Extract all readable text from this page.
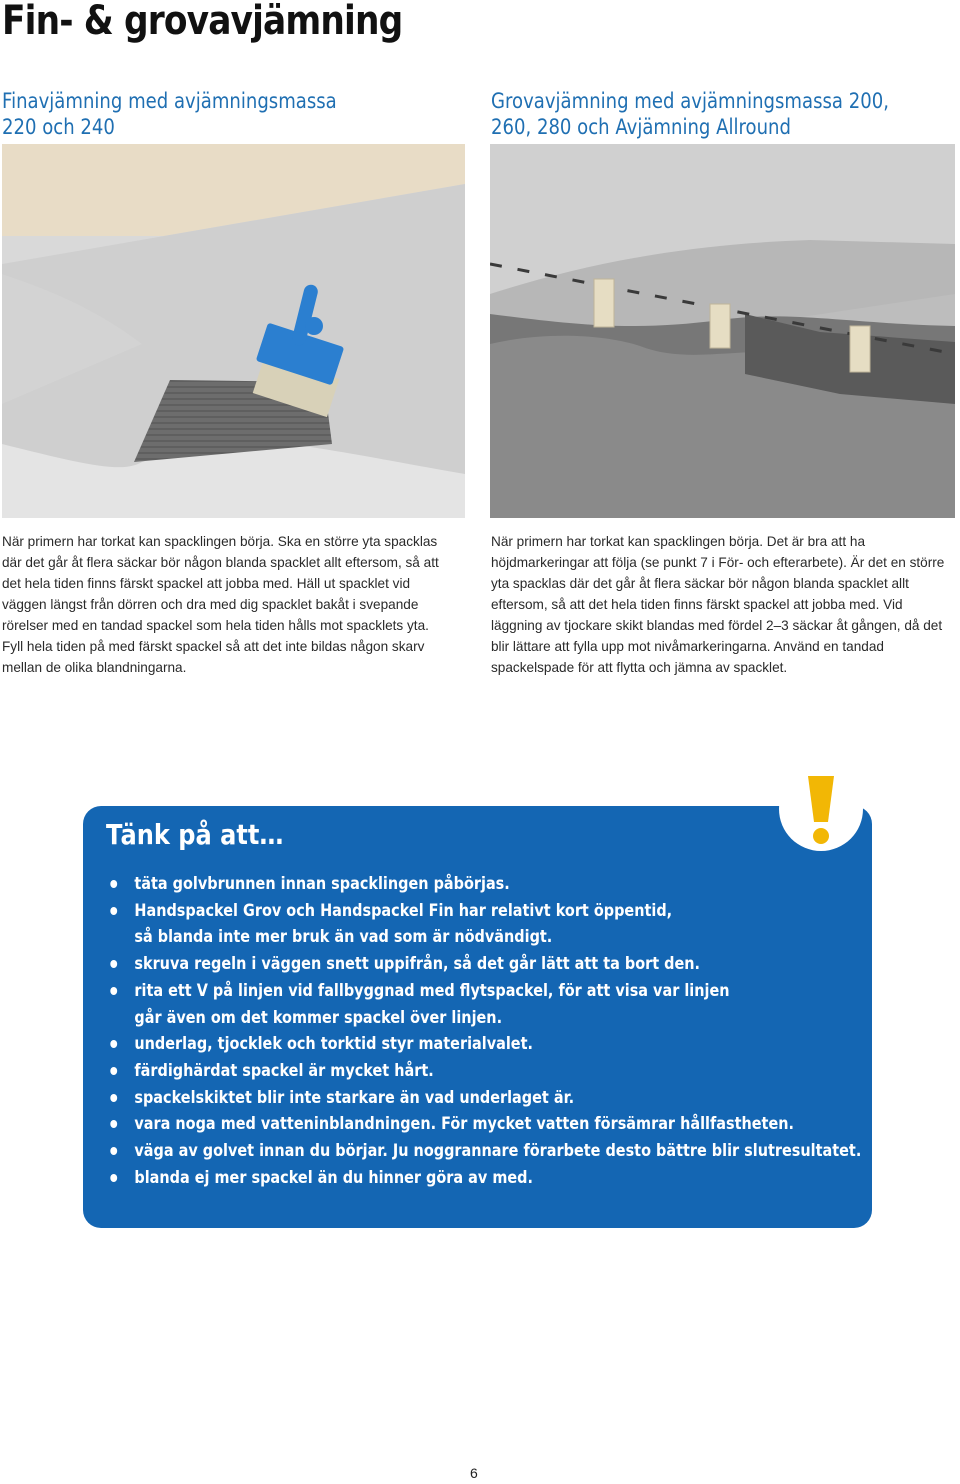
Fin- & grovavjämning
Finavjämning med avjämningsmassa
220 och 240
Grovavjämning med avjämningsmassa 200,
260, 280 och Avjämning Allround

När primern har torkat kan spacklingen börja. Ska en större yta spacklas där det går åt flera säckar bör någon blanda spacklet allt eftersom, så att det hela tiden finns färskt spackel att jobba med. Häll ut spacklet vid väggen längst från dörren och dra med dig spacklet bakåt i svepande rörelser med en tandad spackel som hela tiden hålls mot spacklets yta. Fyll hela tiden på med färskt spackel så att det inte bildas någon skarv mellan de olika blandningarna.

När primern har torkat kan spacklingen börja. Det är bra att ha höjdmarkeringar att följa (se punkt 7 i För- och efterarbete). Är det en större yta spacklas där det går åt flera säckar bör någon blanda spacklet allt eftersom, så att det hela tiden finns färskt spackel att jobba med. Vid läggning av tjockare skikt blandas med fördel 2–3 säckar åt gången, då det blir lättare att fylla upp mot nivåmarkeringarna. Använd en tandad spackelspade för att flytta och jämna av spacklet.

Tänk på att…
täta golvbrunnen innan spacklingen påbörjas.
Handspackel Grov och Handspackel Fin har relativt kort öppentid, så blanda inte mer bruk än vad som är nödvändigt.
skruva regeln i väggen snett uppifrån, så det går lätt att ta bort den.
rita ett V på linjen vid fallbyggnad med flytspackel, för att visa var linjen går även om det kommer spackel över linjen.
underlag, tjocklek och torktid styr materialvalet.
färdighärdat spackel är mycket hårt.
spackelskiktet blir inte starkare än vad underlaget är.
vara noga med vatteninblandningen. För mycket vatten försämrar hållfastheten.
väga av golvet innan du börjar. Ju noggrannare förarbete desto bättre blir slutresultatet.
blanda ej mer spackel än du hinner göra av med.
6
